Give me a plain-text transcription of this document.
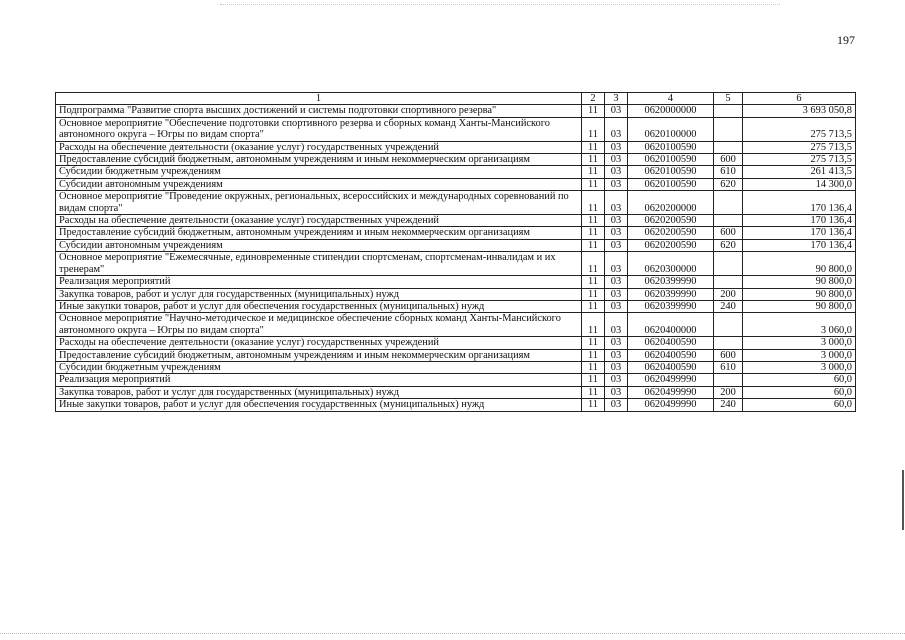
197
1	2	3	4	5	6
Подпрограмма "Развитие спорта высших достижений и системы подготовки спортивного резерва"	11	03	0620000000		3 693 050,8
Основное мероприятие "Обеспечение подготовки спортивного резерва и сборных команд Ханты-Мансийского автономного округа – Югры по видам спорта"	11	03	0620100000		275 713,5
Расходы на обеспечение деятельности (оказание услуг) государственных учреждений	11	03	0620100590		275 713,5
Предоставление субсидий бюджетным, автономным учреждениям и иным некоммерческим организациям	11	03	0620100590	600	275 713,5
Субсидии бюджетным учреждениям	11	03	0620100590	610	261 413,5
Субсидии автономным учреждениям	11	03	0620100590	620	14 300,0
Основное мероприятие "Проведение окружных, региональных, всероссийских и международных соревнований по видам спорта"	11	03	0620200000		170 136,4
Расходы на обеспечение деятельности (оказание услуг) государственных учреждений	11	03	0620200590		170 136,4
Предоставление субсидий бюджетным, автономным учреждениям и иным некоммерческим организациям	11	03	0620200590	600	170 136,4
Субсидии автономным учреждениям	11	03	0620200590	620	170 136,4
Основное мероприятие "Ежемесячные, единовременные стипендии спортсменам, спортсменам-инвалидам и их тренерам"	11	03	0620300000		90 800,0
Реализация мероприятий	11	03	0620399990		90 800,0
Закупка товаров, работ и услуг для государственных (муниципальных) нужд	11	03	0620399990	200	90 800,0
Иные закупки товаров, работ и услуг для обеспечения государственных (муниципальных) нужд	11	03	0620399990	240	90 800,0
Основное мероприятие "Научно-методическое и медицинское обеспечение сборных команд Ханты-Мансийского автономного округа – Югры по видам спорта"	11	03	0620400000		3 060,0
Расходы на обеспечение деятельности (оказание услуг) государственных учреждений	11	03	0620400590		3 000,0
Предоставление субсидий бюджетным, автономным учреждениям и иным некоммерческим организациям	11	03	0620400590	600	3 000,0
Субсидии бюджетным учреждениям	11	03	0620400590	610	3 000,0
Реализация мероприятий	11	03	0620499990		60,0
Закупка товаров, работ и услуг для государственных (муниципальных) нужд	11	03	0620499990	200	60,0
Иные закупки товаров, работ и услуг для обеспечения государственных (муниципальных) нужд	11	03	0620499990	240	60,0
